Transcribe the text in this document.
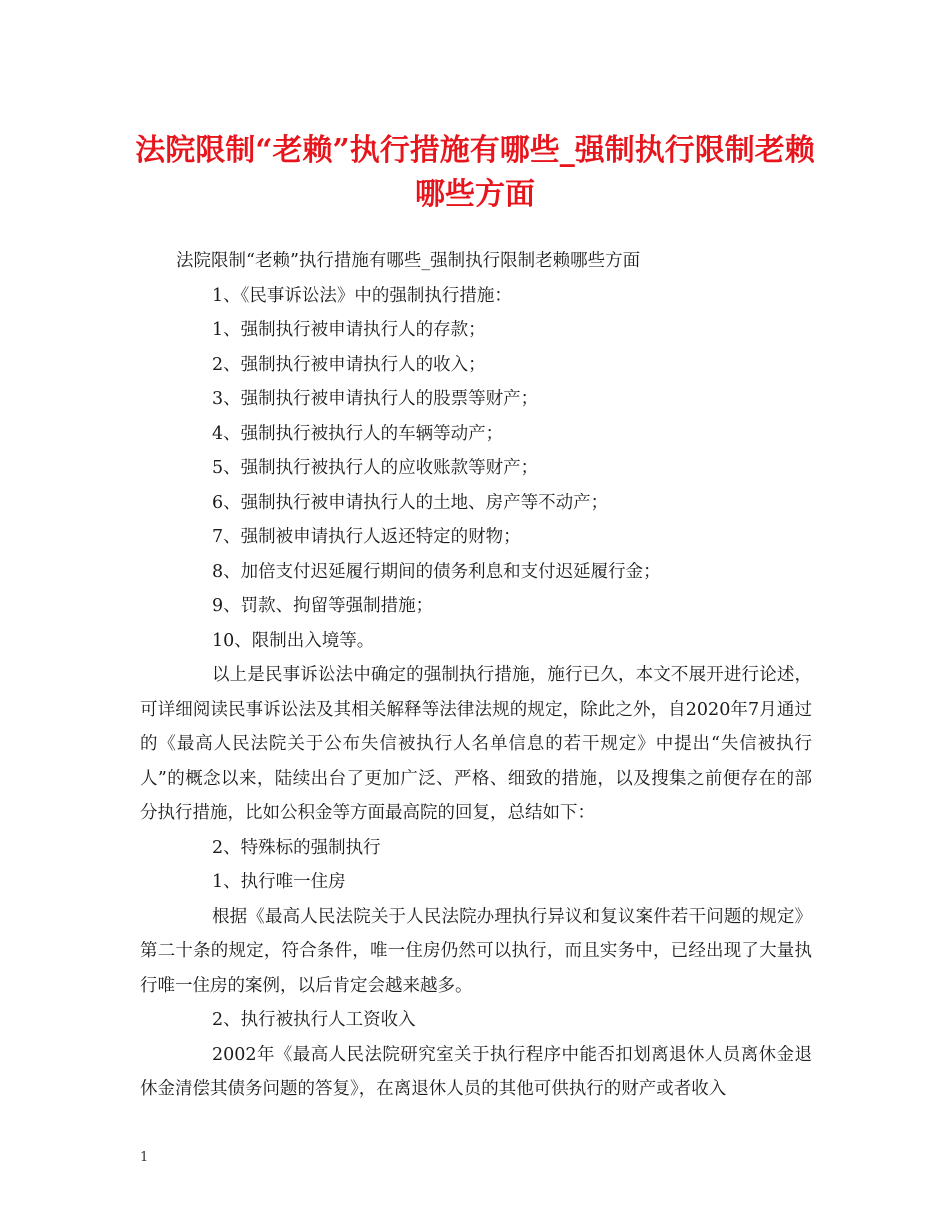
法院限制“老赖”执行措施有哪些_强制执行限制老赖
哪些方面

法院限制“老赖”执行措施有哪些_强制执行限制老赖哪些方面

1、《民事诉讼法》中的强制执行措施：

1、强制执行被申请执行人的存款；

2、强制执行被申请执行人的收入；

3、强制执行被申请执行人的股票等财产；

4、强制执行被执行人的车辆等动产；

5、强制执行被执行人的应收账款等财产；

6、强制执行被申请执行人的土地、房产等不动产；

7、强制被申请执行人返还特定的财物；

8、加倍支付迟延履行期间的债务利息和支付迟延履行金；

9、罚款、拘留等强制措施；

10、限制出入境等。

以上是民事诉讼法中确定的强制执行措施，施行已久，本文不展开进行论述，可详细阅读民事诉讼法及其相关解释等法律法规的规定，除此之外，自2020年7月通过的《最高人民法院关于公布失信被执行人名单信息的若干规定》中提出“失信被执行人”的概念以来，陆续出台了更加广泛、严格、细致的措施，以及搜集之前便存在的部分执行措施，比如公积金等方面最高院的回复，总结如下：

2、特殊标的强制执行

1、执行唯一住房

根据《最高人民法院关于人民法院办理执行异议和复议案件若干问题的规定》第二十条的规定，符合条件，唯一住房仍然可以执行，而且实务中，已经出现了大量执行唯一住房的案例，以后肯定会越来越多。

2、执行被执行人工资收入

2002年《最高人民法院研究室关于执行程序中能否扣划离退休人员离休金退休金清偿其债务问题的答复》，在离退休人员的其他可供执行的财产或者收入

1
